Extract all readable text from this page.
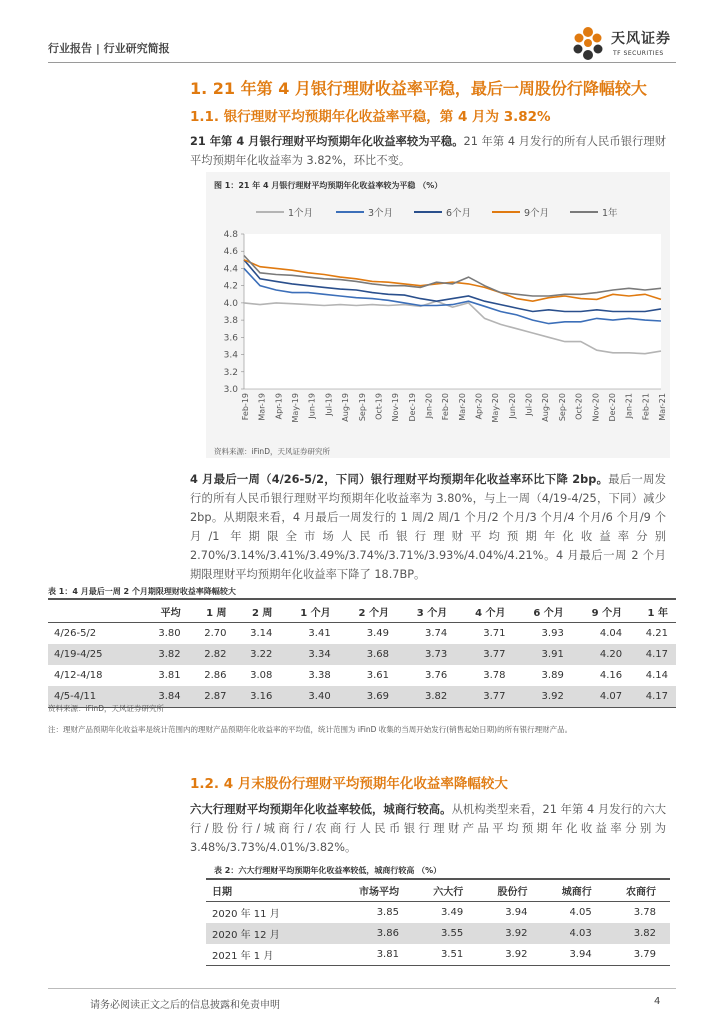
行业报告 | 行业研究简报
天风证券
TF SECURITIES
1. 21 年第 4 月银行理财收益率平稳，最后一周股份行降幅较大
1.1. 银行理财平均预期年化收益率平稳，第 4 月为 3.82%
21 年第 4 月银行理财平均预期年化收益率较为平稳。21 年第 4 月发行的所有人民币银行理财平均预期年化收益率为 3.82%，环比不变。
图 1：21 年 4 月银行理财平均预期年化收益率较为平稳 （%）
4.8
4.6
4.4
4.2
4.0
3.8
3.6
3.4
3.2
3.0
Feb-19 Mar-19 Apr-19 May-19 Jun-19 Jul-19 Aug-19 Sep-19 Oct-19 Nov-19 Dec-19 Jan-20 Feb-20 Mar-20 Apr-20 May-20 Jun-20 Jul-20 Aug-20 Sep-20 Oct-20 Nov-20 Dec-20 Jan-21 Feb-21 Mar-21
1个月	3个月	6个月	9个月	1年
资料来源：iFinD，天风证券研究所
4 月最后一周（4/26-5/2，下同）银行理财平均预期年化收益率环比下降 2bp。最后一周发行的所有人民币银行理财平均预期年化收益率为 3.80%，与上一周（4/19-4/25，下同）减少 2bp。从期限来看，4 月最后一周发行的 1 周/2 周/1 个月/2 个月/3 个月/4 个月/6 个月/9 个月/1 年期限全市场人民币银行理财平均预期年化收益率分别 2.70%/3.14%/3.41%/3.49%/3.74%/3.71%/3.93%/4.04%/4.21%。4 月最后一周 2 个月期限理财平均预期年化收益率下降了 18.7BP。
表 1：4 月最后一周 2 个月期限理财收益率降幅较大
	平均	1 周	2 周	1 个月	2 个月	3 个月	4 个月	6 个月	9 个月	1 年
4/26-5/2	3.80	2.70	3.14	3.41	3.49	3.74	3.71	3.93	4.04	4.21
4/19-4/25	3.82	2.82	3.22	3.34	3.68	3.73	3.77	3.91	4.20	4.17
4/12-4/18	3.81	2.86	3.08	3.38	3.61	3.76	3.78	3.89	4.16	4.14
4/5-4/11	3.84	2.87	3.16	3.40	3.69	3.82	3.77	3.92	4.07	4.17
资料来源：iFinD，天风证券研究所
注：理财产品预期年化收益率是统计范围内的理财产品预期年化收益率的平均值，统计范围为 iFinD 收集的当周开始发行(销售起始日期)的所有银行理财产品。
1.2. 4 月末股份行理财平均预期年化收益率降幅较大
六大行理财平均预期年化收益率较低，城商行较高。从机构类型来看，21 年第 4 月发行的六大行/股份行/城商行/农商行人民币银行理财产品平均预期年化收益率分别为 3.48%/3.73%/4.01%/3.82%。
表 2：六大行理财平均预期年化收益率较低，城商行较高 （%）
日期	市场平均	六大行	股份行	城商行	农商行
2020 年 11 月	3.85	3.49	3.94	4.05	3.78
2020 年 12 月	3.86	3.55	3.92	4.03	3.82
2021 年 1 月	3.81	3.51	3.92	3.94	3.79
请务必阅读正文之后的信息披露和免责申明	4
